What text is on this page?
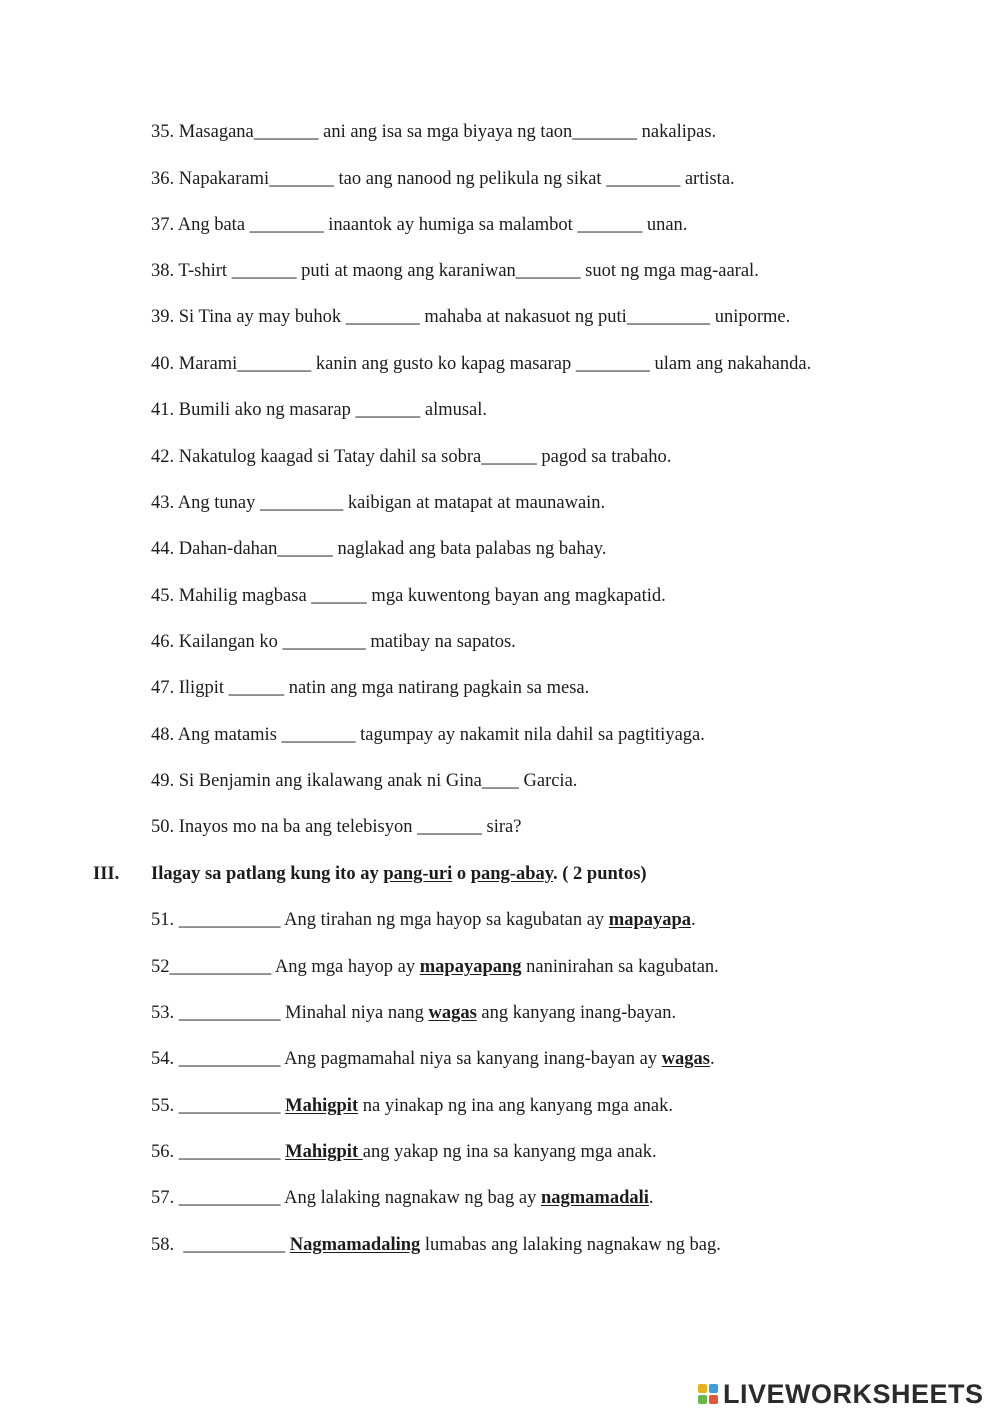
35. Masagana_______ ani ang isa sa mga biyaya ng taon_______ nakalipas.
36. Napakarami_______ tao ang nanood ng pelikula ng sikat ________ artista.
37. Ang bata ________ inaantok ay humiga sa malambot _______ unan.
38. T-shirt _______ puti at maong ang karaniwan_______ suot ng mga mag-aaral.
39. Si Tina ay may buhok ________ mahaba at nakasuot ng puti_________ uniporme.
40. Marami________ kanin ang gusto ko kapag masarap ________ ulam ang nakahanda.
41. Bumili ako ng masarap _______ almusal.
42. Nakatulog kaagad si Tatay dahil sa sobra______ pagod sa trabaho.
43. Ang tunay _________ kaibigan at matapat at maunawain.
44. Dahan-dahan______ naglakad ang bata palabas ng bahay.
45. Mahilig magbasa ______ mga kuwentong bayan ang magkapatid.
46. Kailangan ko _________ matibay na sapatos.
47. Iligpit ______ natin ang mga natirang pagkain sa mesa.
48. Ang matamis ________ tagumpay ay nakamit nila dahil sa pagtitiyaga.
49. Si Benjamin ang ikalawang anak ni Gina____ Garcia.
50. Inayos mo na ba ang telebisyon _______ sira?
III. Ilagay sa patlang kung ito ay pang-uri o pang-abay. ( 2 puntos)
51. ___________ Ang tirahan ng mga hayop sa kagubatan ay mapayapa.
52___________ Ang mga hayop ay mapayapang naninirahan sa kagubatan.
53. ___________ Minahal niya nang wagas ang kanyang inang-bayan.
54. ___________ Ang pagmamahal niya sa kanyang inang-bayan ay wagas.
55. ___________ Mahigpit na yinakap ng ina ang kanyang mga anak.
56. ___________ Mahigpit ang yakap ng ina sa kanyang mga anak.
57. ___________ Ang lalaking nagnakaw ng bag ay nagmamadali.
58.  ___________ Nagmamadaling lumabas ang lalaking nagnakaw ng bag.
LIVEWORKSHEETS
